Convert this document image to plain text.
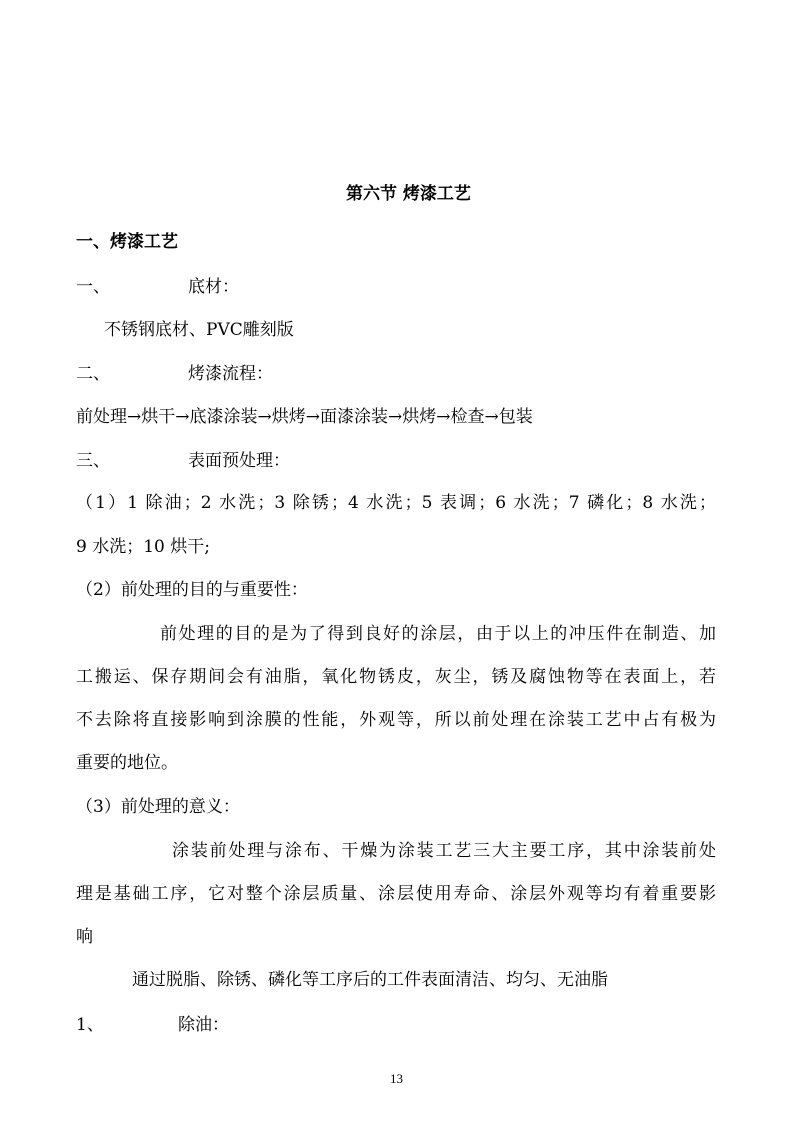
第六节 烤漆工艺
一、烤漆工艺
一、	底材：
不锈钢底材、PVC雕刻版
二、	烤漆流程：
前处理→烘干→底漆涂装→烘烤→面漆涂装→烘烤→检查→包装
三、	表面预处理：
（1）1 除油；2 水洗；3 除锈；4 水洗；5 表调；6 水洗；7 磷化；8 水洗；
9 水洗；10 烘干;
（2）前处理的目的与重要性：
前处理的目的是为了得到良好的涂层，由于以上的冲压件在制造、加
工搬运、保存期间会有油脂，氧化物锈皮，灰尘，锈及腐蚀物等在表面上，若
不去除将直接影响到涂膜的性能，外观等，所以前处理在涂装工艺中占有极为
重要的地位。
（3）前处理的意义：
涂装前处理与涂布、干燥为涂装工艺三大主要工序，其中涂装前处
理是基础工序，它对整个涂层质量、涂层使用寿命、涂层外观等均有着重要影
响
通过脱脂、除锈、磷化等工序后的工件表面清洁、均匀、无油脂
1、	除油：
13
